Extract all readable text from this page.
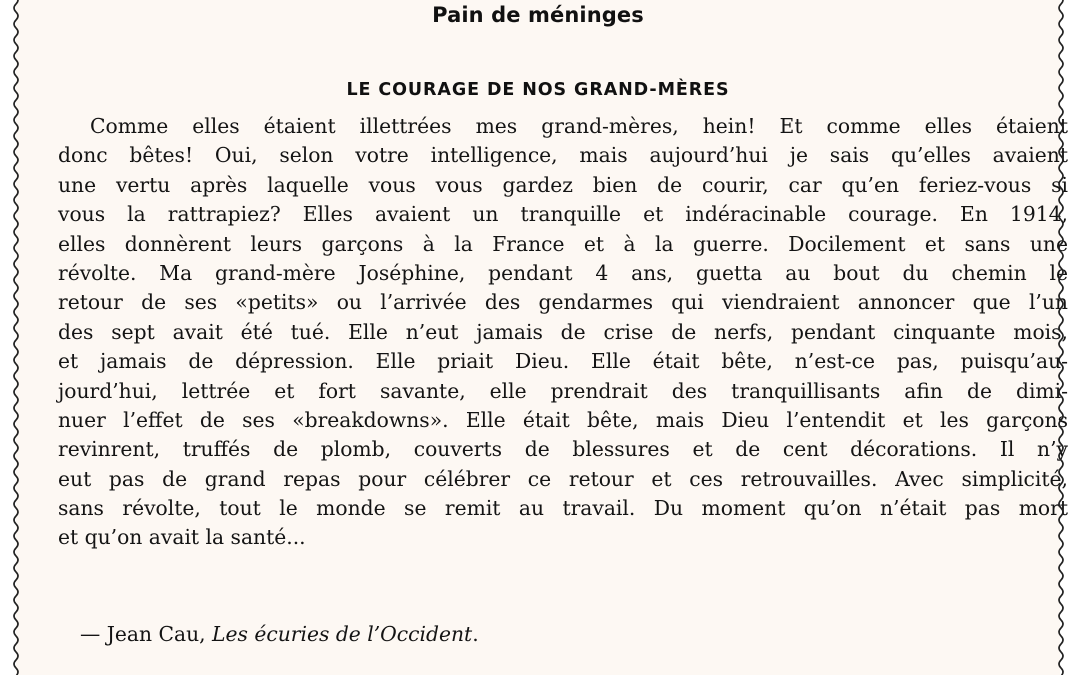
Pain de méninges
LE COURAGE DE NOS GRAND-MÈRES
Comme elles étaient illettrées mes grand-mères, hein! Et comme elles étaient
donc bêtes! Oui, selon votre intelligence, mais aujourd’hui je sais qu’elles avaient
une vertu après laquelle vous vous gardez bien de courir, car qu’en feriez-vous si
vous la rattrapiez? Elles avaient un tranquille et indéracinable courage. En 1914,
elles donnèrent leurs garçons à la France et à la guerre. Docilement et sans une
révolte. Ma grand-mère Joséphine, pendant 4 ans, guetta au bout du chemin le
retour de ses «petits» ou l’arrivée des gendarmes qui viendraient annoncer que l’un
des sept avait été tué. Elle n’eut jamais de crise de nerfs, pendant cinquante mois,
et jamais de dépression. Elle priait Dieu. Elle était bête, n’est-ce pas, puisqu’au-
jourd’hui, lettrée et fort savante, elle prendrait des tranquillisants afin de dimi-
nuer l’effet de ses «breakdowns». Elle était bête, mais Dieu l’entendit et les garçons
revinrent, truffés de plomb, couverts de blessures et de cent décorations. Il n’y
eut pas de grand repas pour célébrer ce retour et ces retrouvailles. Avec simplicité,
sans révolte, tout le monde se remit au travail. Du moment qu’on n’était pas mort
et qu’on avait la santé...
— Jean Cau, Les écuries de l’Occident.
